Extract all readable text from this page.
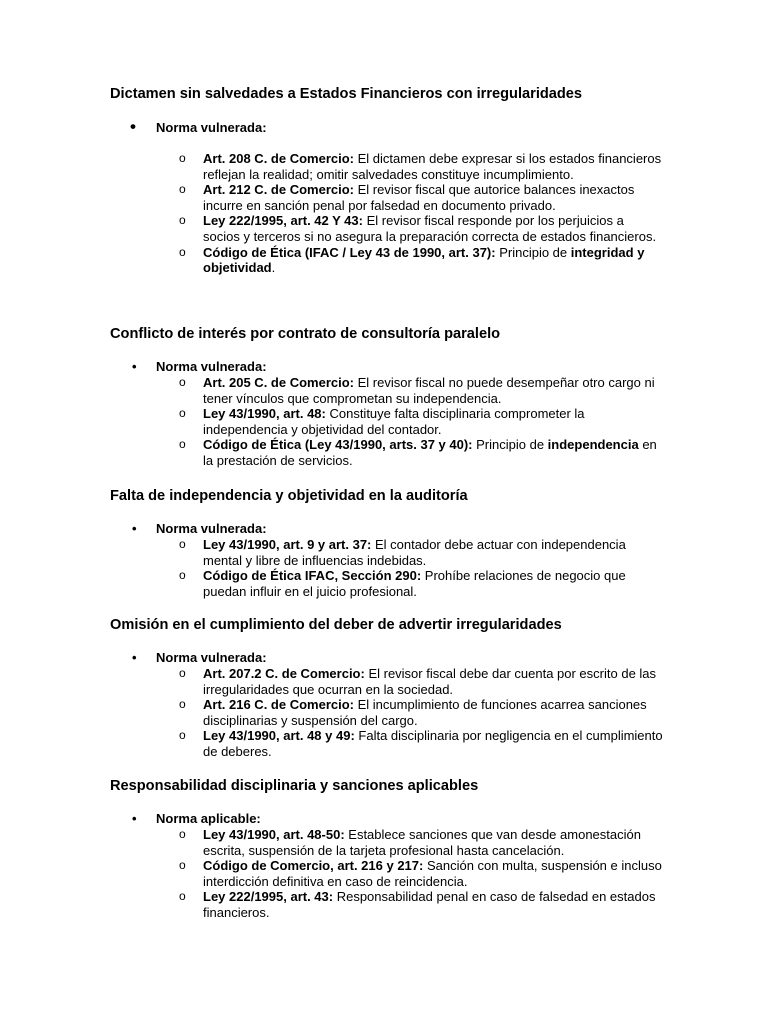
Dictamen sin salvedades a Estados Financieros con irregularidades
• Norma vulnerada:
o Art. 208 C. de Comercio: El dictamen debe expresar si los estados financieros reflejan la realidad; omitir salvedades constituye incumplimiento.
o Art. 212 C. de Comercio: El revisor fiscal que autorice balances inexactos incurre en sanción penal por falsedad en documento privado.
o Ley 222/1995, art. 42 Y 43: El revisor fiscal responde por los perjuicios a socios y terceros si no asegura la preparación correcta de estados financieros.
o Código de Ética (IFAC / Ley 43 de 1990, art. 37): Principio de integridad y objetividad.
Conflicto de interés por contrato de consultoría paralelo
• Norma vulnerada:
o Art. 205 C. de Comercio: El revisor fiscal no puede desempeñar otro cargo ni tener vínculos que comprometan su independencia.
o Ley 43/1990, art. 48: Constituye falta disciplinaria comprometer la independencia y objetividad del contador.
o Código de Ética (Ley 43/1990, arts. 37 y 40): Principio de independencia en la prestación de servicios.
Falta de independencia y objetividad en la auditoría
• Norma vulnerada:
o Ley 43/1990, art. 9 y art. 37: El contador debe actuar con independencia mental y libre de influencias indebidas.
o Código de Ética IFAC, Sección 290: Prohíbe relaciones de negocio que puedan influir en el juicio profesional.
Omisión en el cumplimiento del deber de advertir irregularidades
• Norma vulnerada:
o Art. 207.2 C. de Comercio: El revisor fiscal debe dar cuenta por escrito de las irregularidades que ocurran en la sociedad.
o Art. 216 C. de Comercio: El incumplimiento de funciones acarrea sanciones disciplinarias y suspensión del cargo.
o Ley 43/1990, art. 48 y 49: Falta disciplinaria por negligencia en el cumplimiento de deberes.
Responsabilidad disciplinaria y sanciones aplicables
• Norma aplicable:
o Ley 43/1990, art. 48-50: Establece sanciones que van desde amonestación escrita, suspensión de la tarjeta profesional hasta cancelación.
o Código de Comercio, art. 216 y 217: Sanción con multa, suspensión e incluso interdicción definitiva en caso de reincidencia.
o Ley 222/1995, art. 43: Responsabilidad penal en caso de falsedad en estados financieros.
